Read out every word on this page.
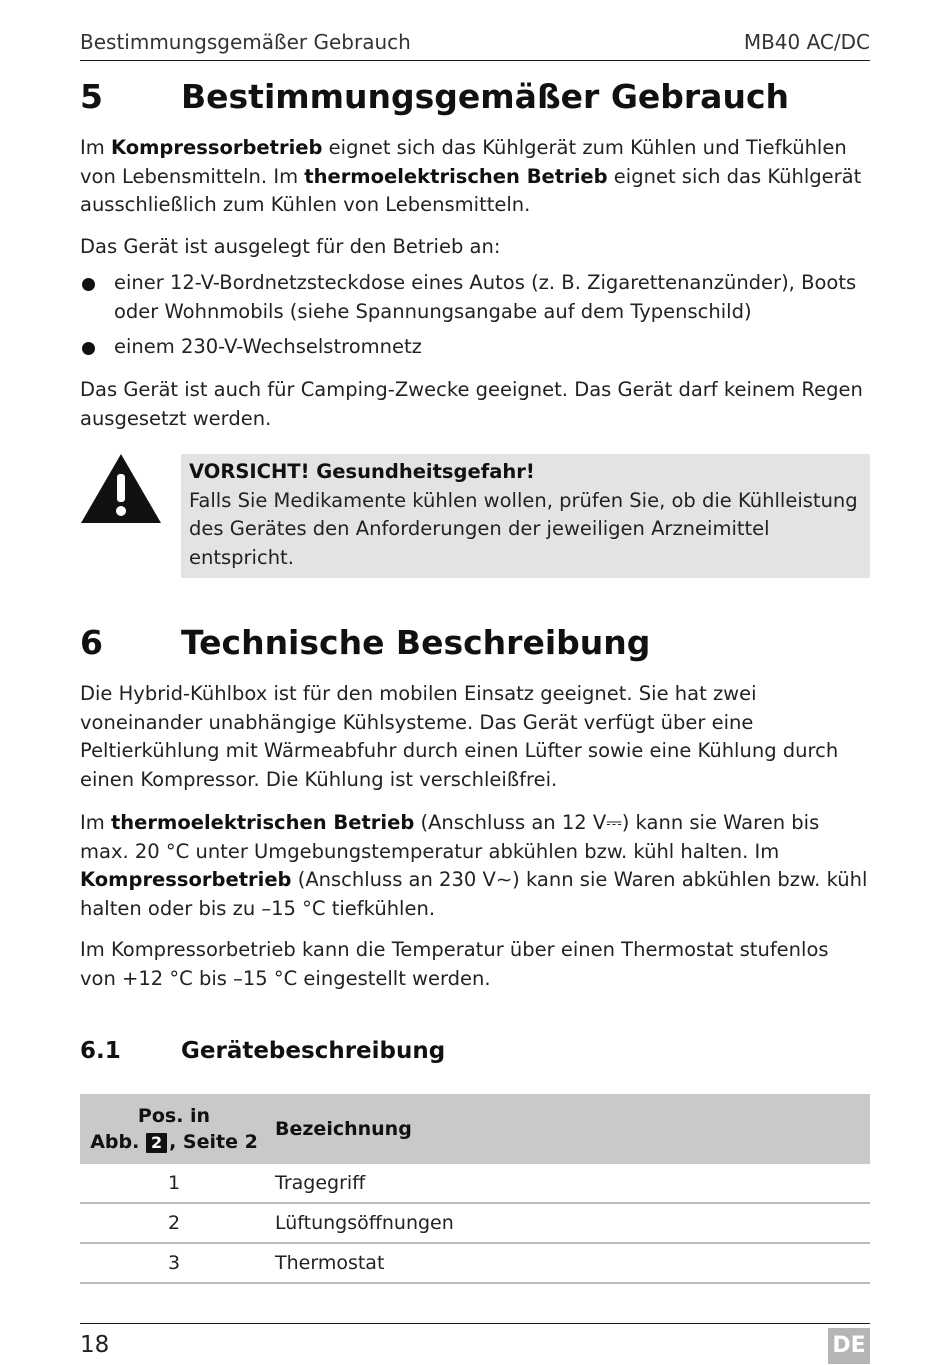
Bestimmungsgemäßer Gebrauch	MB40 AC/DC
5	Bestimmungsgemäßer Gebrauch
Im Kompressorbetrieb eignet sich das Kühlgerät zum Kühlen und Tiefkühlen von Lebensmitteln. Im thermoelektrischen Betrieb eignet sich das Kühlgerät ausschließlich zum Kühlen von Lebensmitteln.
Das Gerät ist ausgelegt für den Betrieb an:
einer 12-V-Bordnetzsteckdose eines Autos (z. B. Zigarettenanzünder), Boots oder Wohnmobils (siehe Spannungsangabe auf dem Typenschild)
einem 230-V-Wechselstromnetz
Das Gerät ist auch für Camping-Zwecke geeignet. Das Gerät darf keinem Regen ausgesetzt werden.
VORSICHT! Gesundheitsgefahr!
Falls Sie Medikamente kühlen wollen, prüfen Sie, ob die Kühlleistung des Gerätes den Anforderungen der jeweiligen Arzneimittel entspricht.
6	Technische Beschreibung
Die Hybrid-Kühlbox ist für den mobilen Einsatz geeignet. Sie hat zwei voneinander unabhängige Kühlsysteme. Das Gerät verfügt über eine Peltierkühlung mit Wärmeabfuhr durch einen Lüfter sowie eine Kühlung durch einen Kompressor. Die Kühlung ist verschleißfrei.
Im thermoelektrischen Betrieb (Anschluss an 12 V⎓) kann sie Waren bis max. 20 °C unter Umgebungstemperatur abkühlen bzw. kühl halten. Im Kompressorbetrieb (Anschluss an 230 V∼) kann sie Waren abkühlen bzw. kühl halten oder bis zu –15 °C tiefkühlen.
Im Kompressorbetrieb kann die Temperatur über einen Thermostat stufenlos von +12 °C bis –15 °C eingestellt werden.
6.1	Gerätebeschreibung
Pos. in
Abb. 2 , Seite 2	Bezeichnung
1	Tragegriff
2	Lüftungsöffnungen
3	Thermostat
18	DE
